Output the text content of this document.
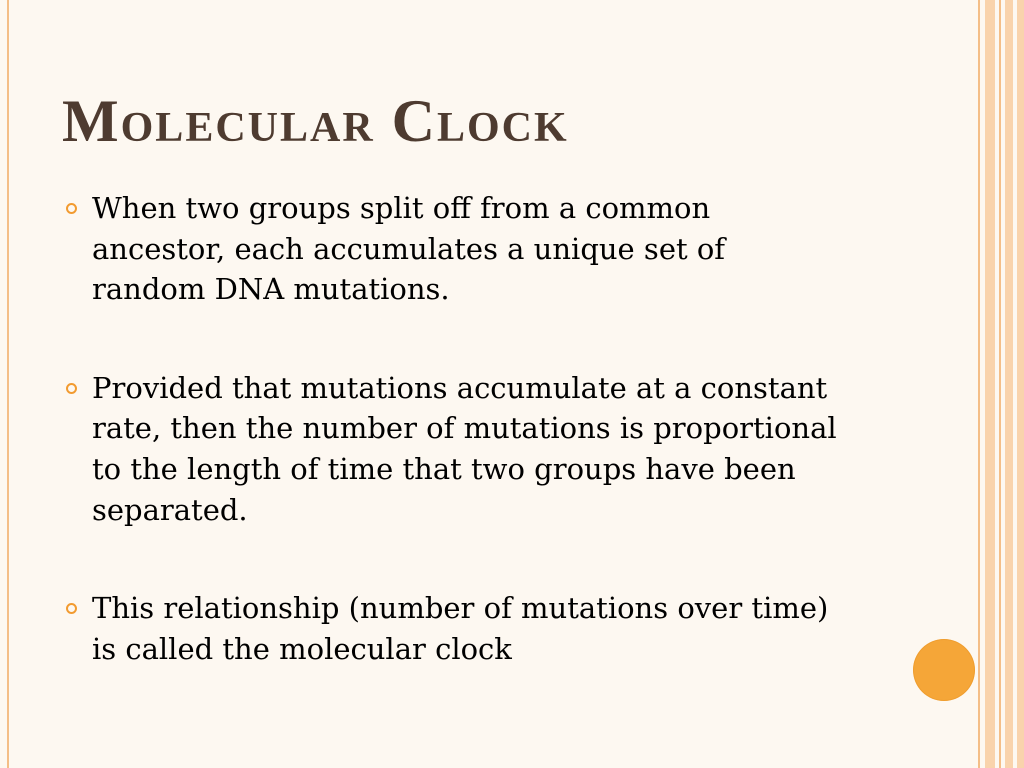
Molecular Clock
When two groups split off from a common
ancestor, each accumulates a unique set of
random DNA mutations.
Provided that mutations accumulate at a constant
rate, then the number of mutations is proportional
to the length of time that two groups have been
separated.
This relationship (number of mutations over time)
is called the molecular clock
